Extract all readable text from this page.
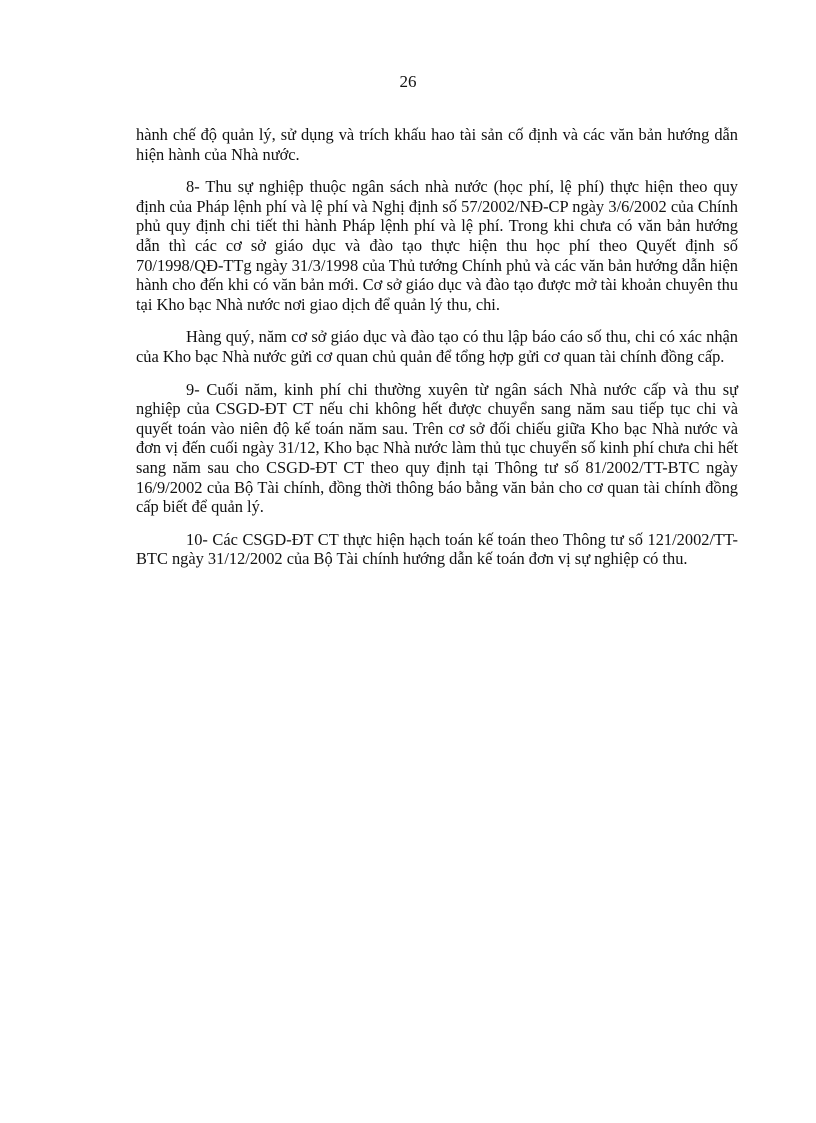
26

hành chế độ quản lý, sử dụng và trích khấu hao tài sản cố định và các văn bản hướng dẫn hiện hành của Nhà nước.

8- Thu sự nghiệp thuộc ngân sách nhà nước (học phí, lệ phí) thực hiện theo quy định của Pháp lệnh phí và lệ phí và Nghị định số 57/2002/NĐ-CP ngày 3/6/2002 của Chính phủ quy định chi tiết thi hành Pháp lệnh phí và lệ phí. Trong khi chưa có văn bản hướng dẫn thì các cơ sở giáo dục và đào tạo thực hiện thu học phí theo Quyết định số 70/1998/QĐ-TTg ngày 31/3/1998 của Thủ tướng Chính phủ và các văn bản hướng dẫn hiện hành cho đến khi có văn bản mới. Cơ sở giáo dục và đào tạo được mở tài khoản chuyên thu tại Kho bạc Nhà nước nơi giao dịch để quản lý thu, chi.

Hàng quý, năm cơ sở giáo dục và đào tạo có thu lập báo cáo số thu, chi có xác nhận của Kho bạc Nhà nước gửi cơ quan chủ quản để tổng hợp gửi cơ quan tài chính đồng cấp.

9- Cuối năm, kinh phí chi thường xuyên từ ngân sách Nhà nước cấp và thu sự nghiệp của CSGD-ĐT CT nếu chi không hết được chuyển sang năm sau tiếp tục chi và quyết toán vào niên độ kế toán năm sau. Trên cơ sở đối chiếu giữa Kho bạc Nhà nước và đơn vị đến cuối ngày 31/12, Kho bạc Nhà nước làm thủ tục chuyển số kinh phí chưa chi hết sang năm sau cho CSGD-ĐT CT theo quy định tại Thông tư số 81/2002/TT-BTC ngày 16/9/2002 của Bộ Tài chính, đồng thời thông báo bằng văn bản cho cơ quan tài chính đồng cấp biết để quản lý.

10- Các CSGD-ĐT CT thực hiện hạch toán kế toán theo Thông tư số 121/2002/TT-BTC ngày 31/12/2002 của Bộ Tài chính hướng dẫn kế toán đơn vị sự nghiệp có thu.
